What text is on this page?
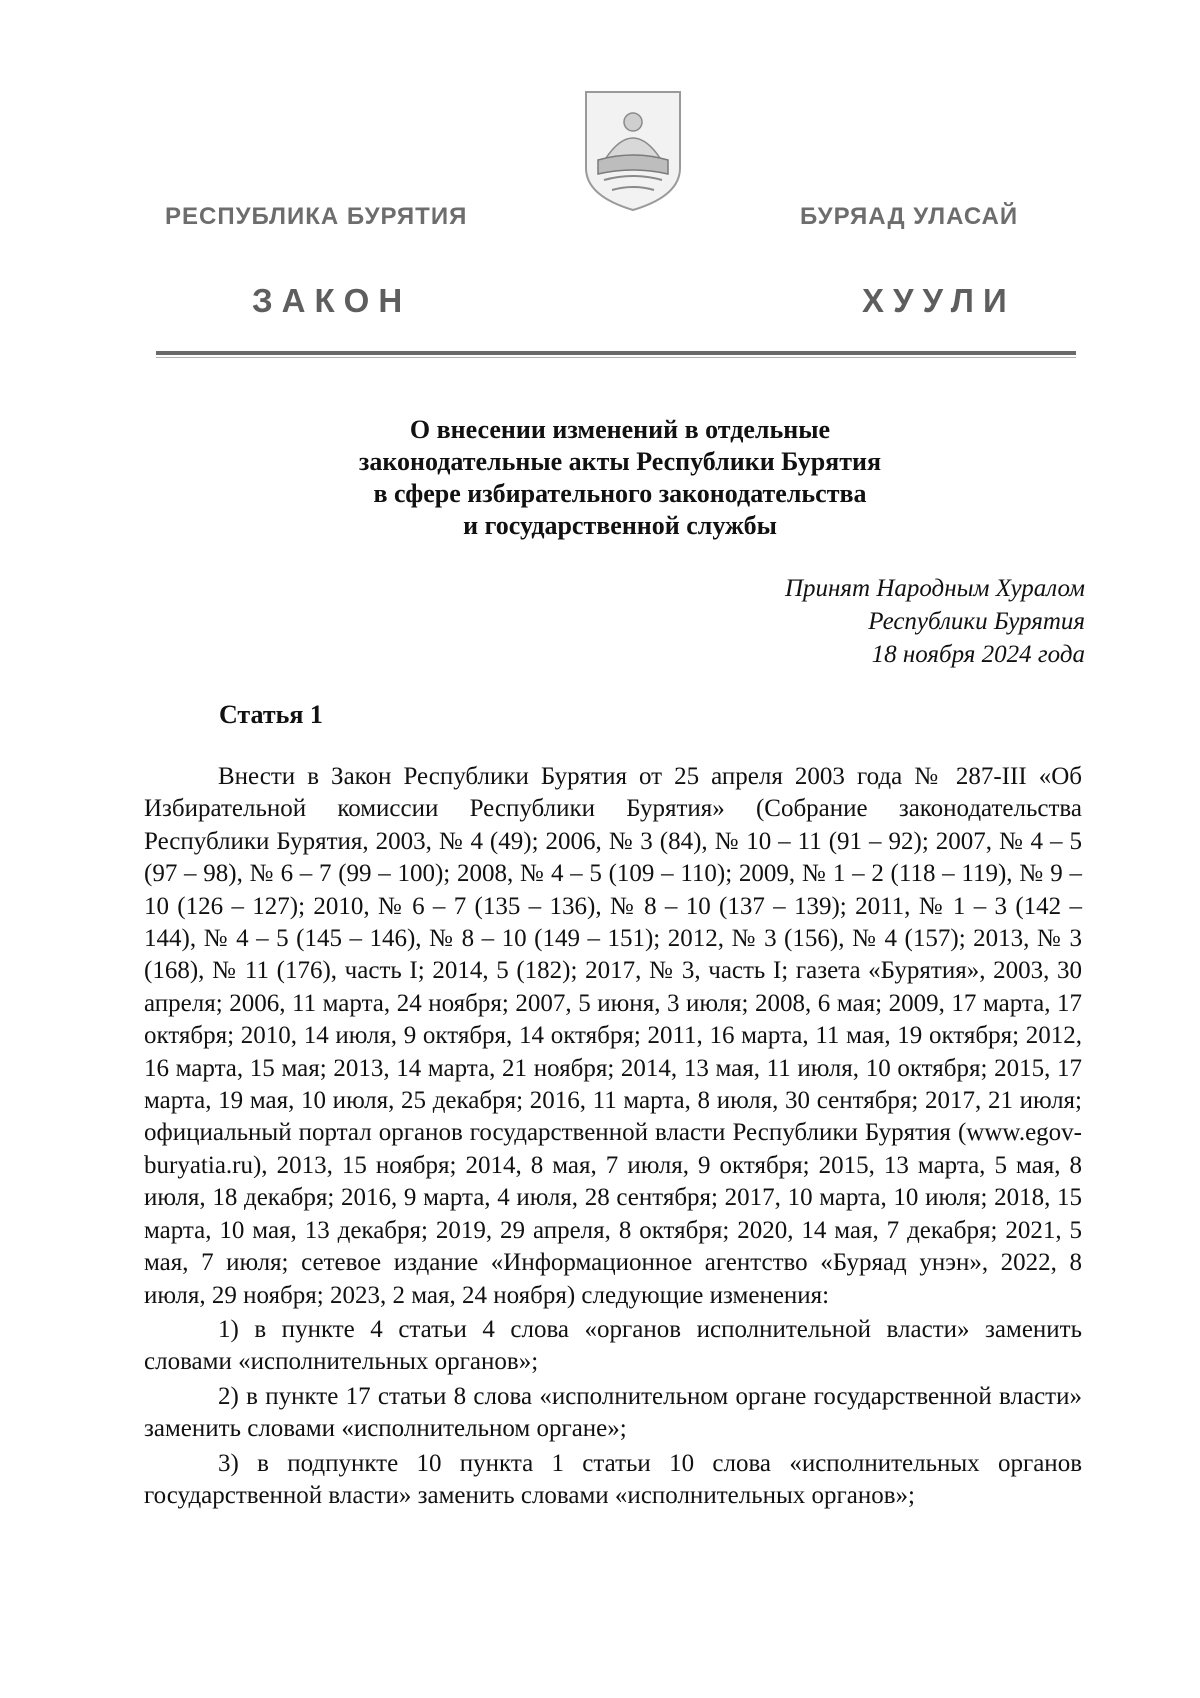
РЕСПУБЛИКА БУРЯТИЯ	БУРЯАД УЛАСАЙ
ЗАКОН	ХУУЛИ
О внесении изменений в отдельные
законодательные акты Республики Бурятия
в сфере избирательного законодательства
и государственной службы
Принят Народным Хуралом
Республики Бурятия
18 ноября 2024 года
Статья 1

Внести в Закон Республики Бурятия от 25 апреля 2003 года № 287-III «Об Избирательной комиссии Республики Бурятия» (Собрание законодательства Республики Бурятия, 2003, № 4 (49); 2006, № 3 (84), № 10 – 11 (91 – 92); 2007, № 4 – 5 (97 – 98), № 6 – 7 (99 – 100); 2008, № 4 – 5 (109 – 110); 2009, № 1 – 2 (118 – 119), № 9 – 10 (126 – 127); 2010, № 6 – 7 (135 – 136), № 8 – 10 (137 – 139); 2011, № 1 – 3 (142 – 144), № 4 – 5 (145 – 146), № 8 – 10 (149 – 151); 2012, № 3 (156), № 4 (157); 2013, № 3 (168), № 11 (176), часть I; 2014, 5 (182); 2017, № 3, часть I; газета «Бурятия», 2003, 30 апреля; 2006, 11 марта, 24 ноября; 2007, 5 июня, 3 июля; 2008, 6 мая; 2009, 17 марта, 17 октября; 2010, 14 июля, 9 октября, 14 октября; 2011, 16 марта, 11 мая, 19 октября; 2012, 16 марта, 15 мая; 2013, 14 марта, 21 ноября; 2014, 13 мая, 11 июля, 10 октября; 2015, 17 марта, 19 мая, 10 июля, 25 декабря; 2016, 11 марта, 8 июля, 30 сентября; 2017, 21 июля; официальный портал органов государственной власти Республики Бурятия (www.egov-buryatia.ru), 2013, 15 ноября; 2014, 8 мая, 7 июля, 9 октября; 2015, 13 марта, 5 мая, 8 июля, 18 декабря; 2016, 9 марта, 4 июля, 28 сентября; 2017, 10 марта, 10 июля; 2018, 15 марта, 10 мая, 13 декабря; 2019, 29 апреля, 8 октября; 2020, 14 мая, 7 декабря; 2021, 5 мая, 7 июля; сетевое издание «Информационное агентство «Буряад унэн», 2022, 8 июля, 29 ноября; 2023, 2 мая, 24 ноября) следующие изменения:

1) в пункте 4 статьи 4 слова «органов исполнительной власти» заменить словами «исполнительных органов»;

2) в пункте 17 статьи 8 слова «исполнительном органе государственной власти» заменить словами «исполнительном органе»;

3) в подпункте 10 пункта 1 статьи 10 слова «исполнительных органов государственной власти» заменить словами «исполнительных органов»;
